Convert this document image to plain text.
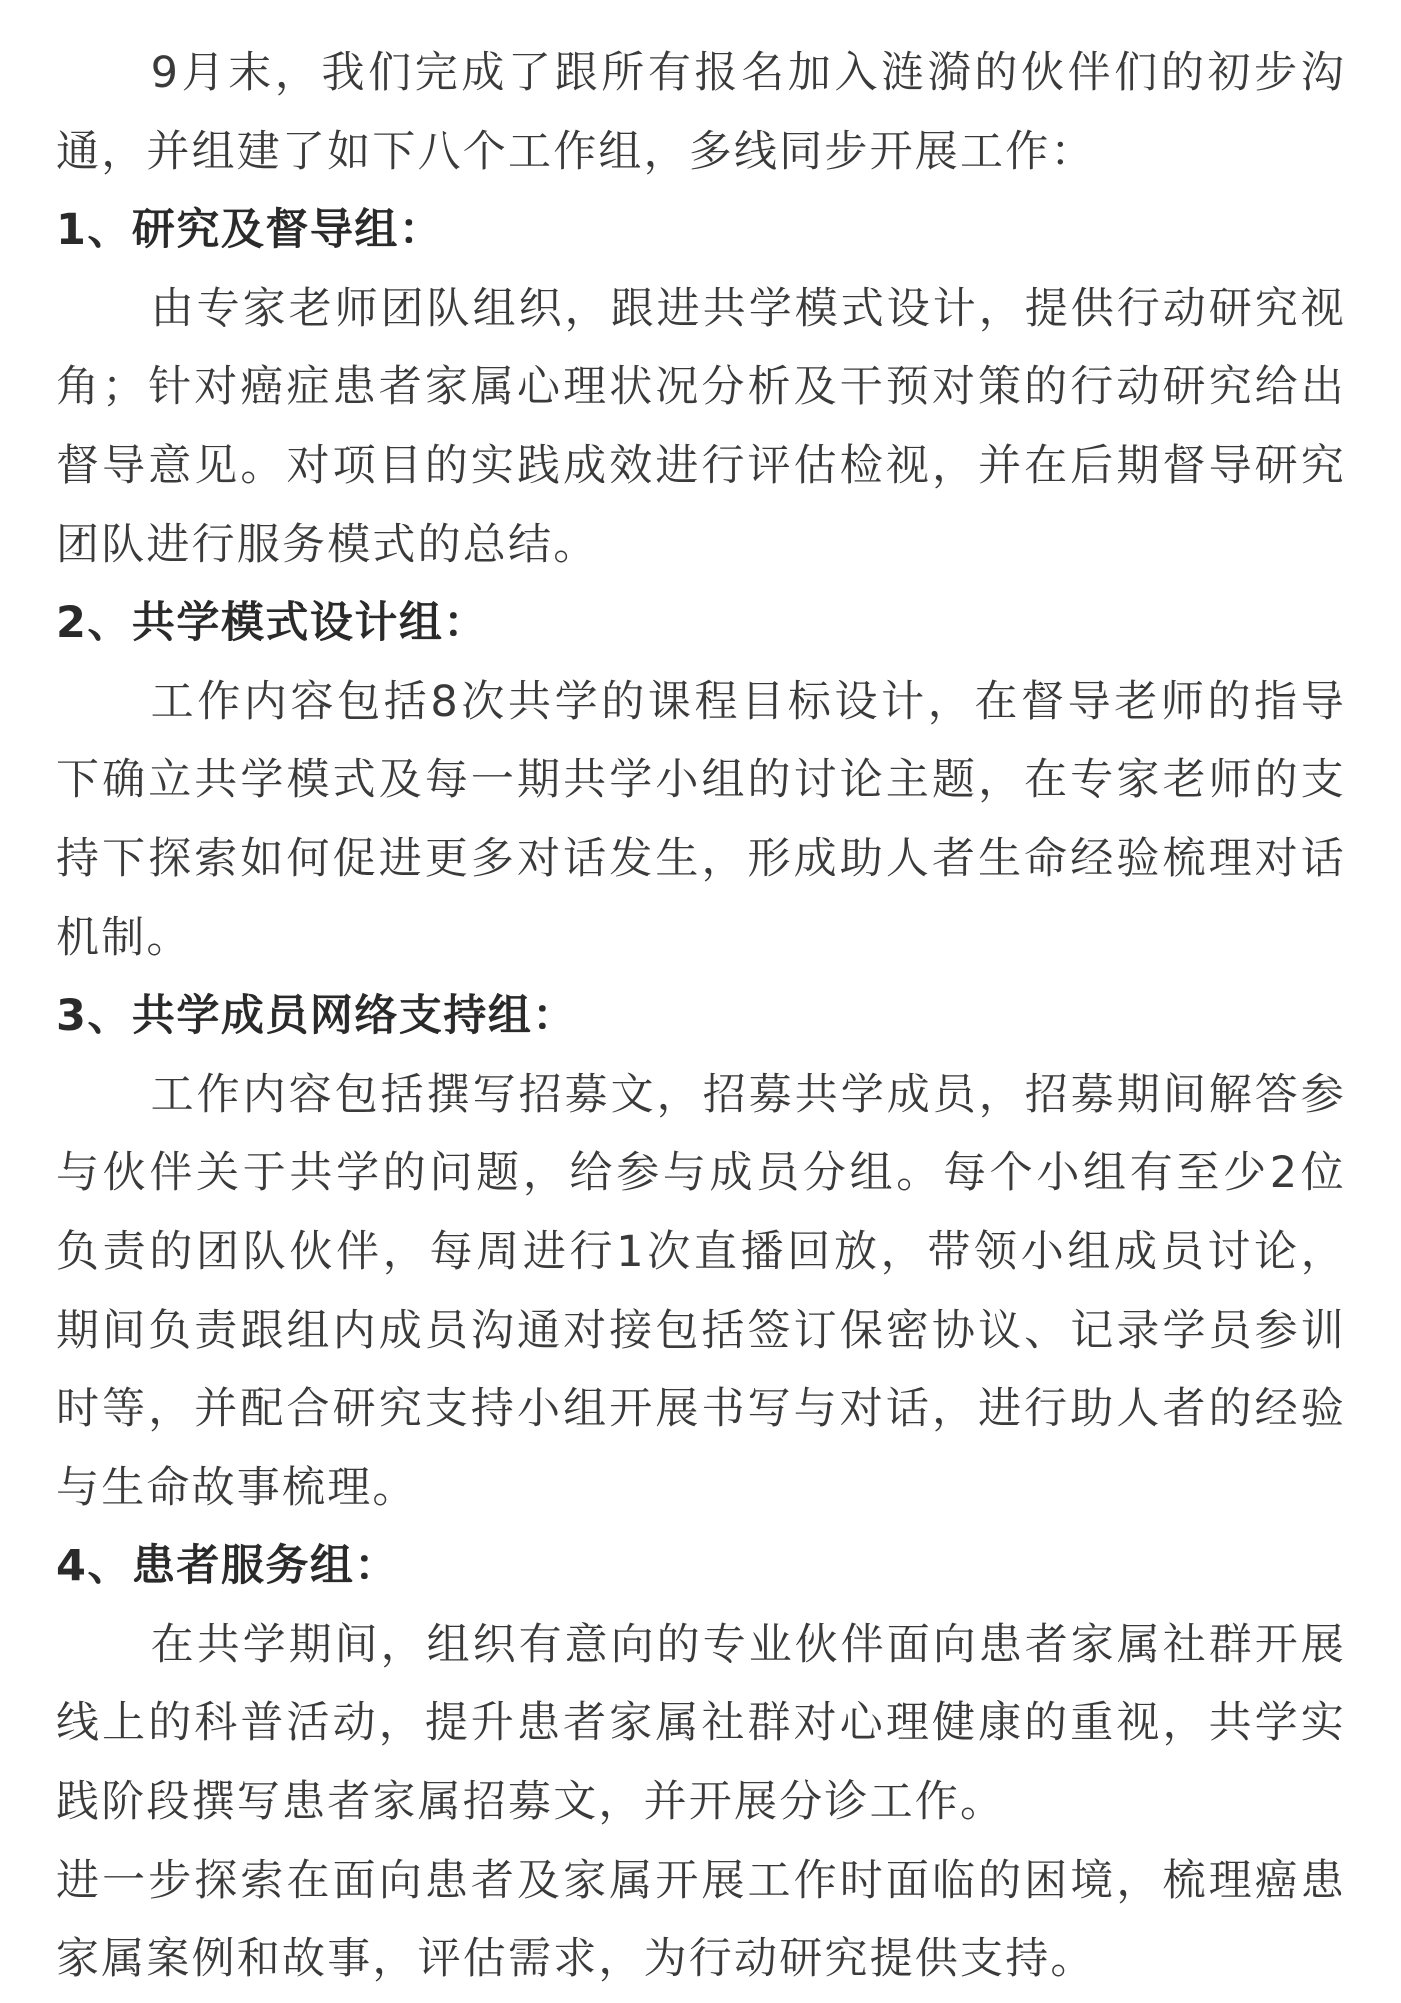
9月末，我们完成了跟所有报名加入涟漪的伙伴们的初步沟通，并组建了如下八个工作组，多线同步开展工作：

1、研究及督导组：

由专家老师团队组织，跟进共学模式设计，提供行动研究视角；针对癌症患者家属心理状况分析及干预对策的行动研究给出督导意见。对项目的实践成效进行评估检视，并在后期督导研究团队进行服务模式的总结。

2、共学模式设计组：

工作内容包括8次共学的课程目标设计，在督导老师的指导下确立共学模式及每一期共学小组的讨论主题，在专家老师的支持下探索如何促进更多对话发生，形成助人者生命经验梳理对话机制。

3、共学成员网络支持组：

工作内容包括撰写招募文，招募共学成员，招募期间解答参与伙伴关于共学的问题，给参与成员分组。每个小组有至少2位负责的团队伙伴，每周进行1次直播回放，带领小组成员讨论，期间负责跟组内成员沟通对接包括签订保密协议、记录学员参训时等，并配合研究支持小组开展书写与对话，进行助人者的经验与生命故事梳理。

4、患者服务组：

在共学期间，组织有意向的专业伙伴面向患者家属社群开展线上的科普活动，提升患者家属社群对心理健康的重视，共学实践阶段撰写患者家属招募文，并开展分诊工作。

进一步探索在面向患者及家属开展工作时面临的困境，梳理癌患家属案例和故事，评估需求，为行动研究提供支持。
